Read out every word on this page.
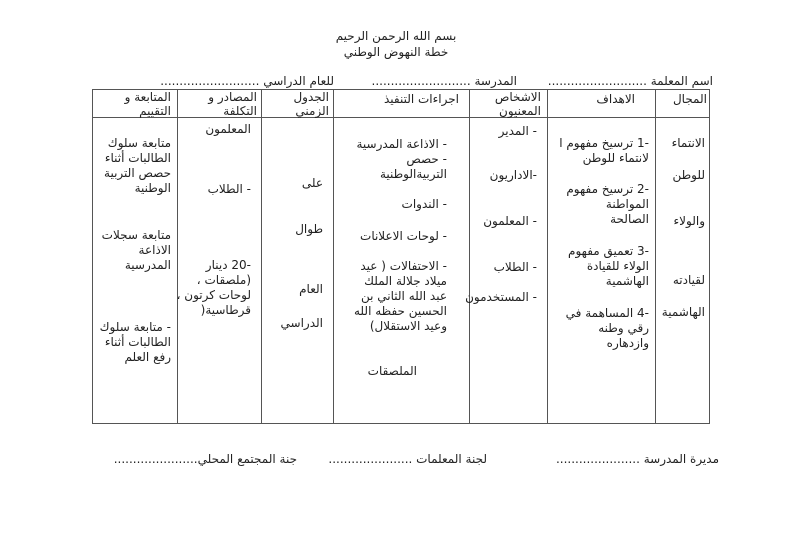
بسم الله الرحمن الرحيم
خطة النهوض الوطني
اسم المعلمة ..........................
المدرسة ..........................
للعام الدراسي ..........................
المجال
الاهداف
الاشخاص
المعنيون
اجراءات التنفيذ
الجدول
الزمني
المصادر و
التكلفة
المتابعة و
التقييم
الانتماء
للوطن
والولاء
لقيادته
الهاشمية
-1 ترسيخ مفهوم ا
لانتماء للوطن
-2 ترسيخ مفهوم
المواطنة
الصالحة
-3 تعميق مفهوم
الولاء للقيادة
الهاشمية
-4 المساهمة في
رقي وطنه
وازدهاره
- المدير
-الاداريون
- المعلمون
- الطلاب
- المستخدمون
- الاذاعة المدرسية
- حصص
التربيةالوطنية
- الندوات
- لوحات الاعلانات
- الاحتفالات ( عيد
ميلاد جلالة الملك
عبد الله الثاني بن
الحسين حفظه الله
وعيد الاستقلال)
الملصقات
على
طوال
العام
الدراسي
المعلمون
- الطلاب
-20 دينار
(ملصقات ،
لوحات كرتون ،
قرطاسية(
متابعة سلوك
الطالبات أثناء
حصص التربية
الوطنية
متابعة سجلات
الاذاعة
المدرسية
- متابعة سلوك
الطالبات أثناء
رفع العلم
مديرة المدرسة ......................
لجنة المعلمات ......................
جنة المجتمع المحلي......................
